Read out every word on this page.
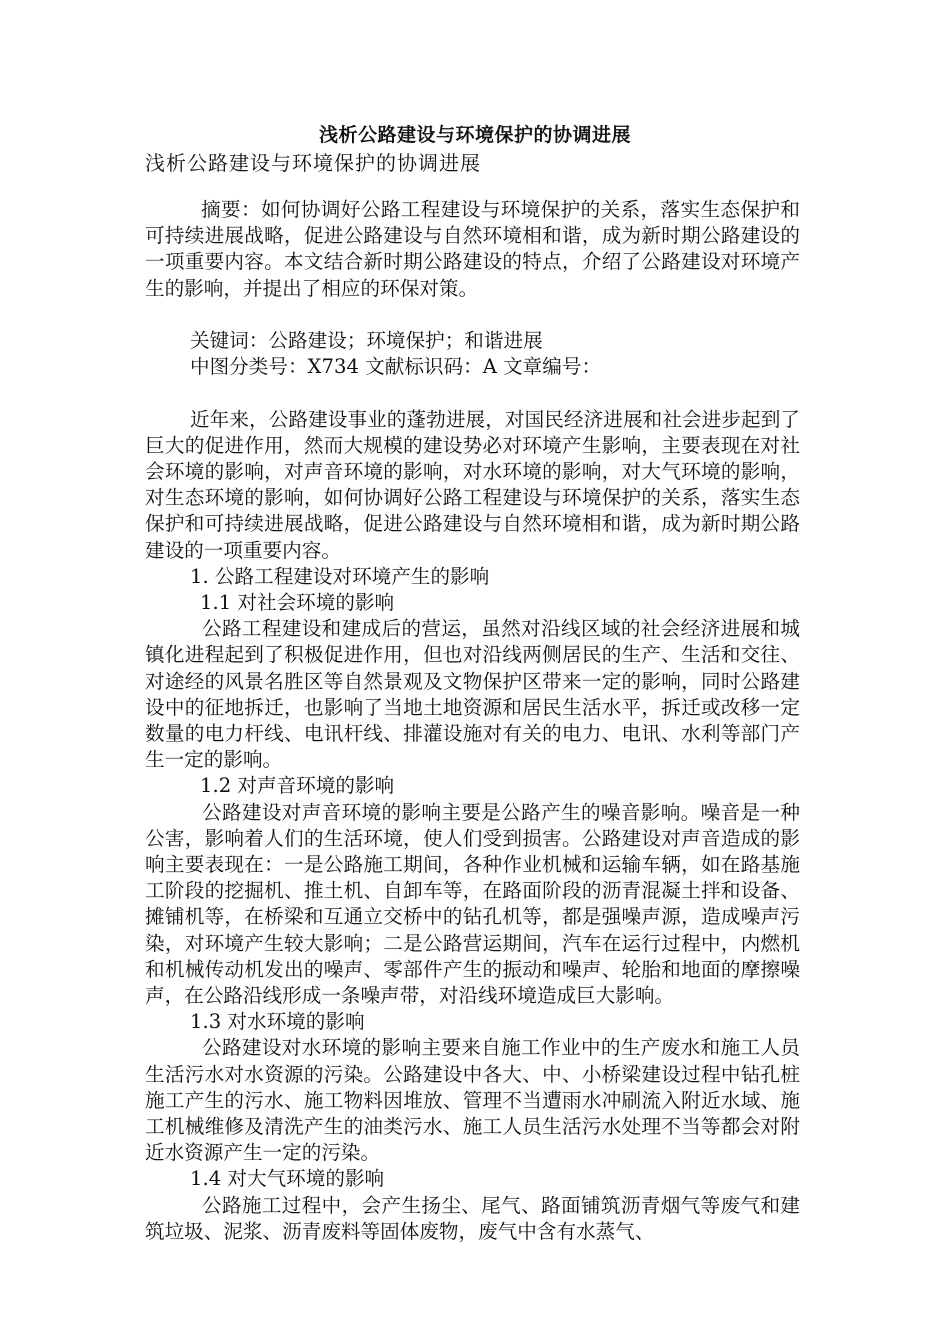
浅析公路建设与环境保护的协调进展
浅析公路建设与环境保护的协调进展

摘要：如何协调好公路工程建设与环境保护的关系，落实生态保护和可持续进展战略，促进公路建设与自然环境相和谐，成为新时期公路建设的一项重要内容。本文结合新时期公路建设的特点，介绍了公路建设对环境产生的影响，并提出了相应的环保对策。

关键词：公路建设；环境保护；和谐进展

中图分类号：X734 文献标识码：A 文章编号：

近年来，公路建设事业的蓬勃进展，对国民经济进展和社会进步起到了巨大的促进作用，然而大规模的建设势必对环境产生影响，主要表现在对社会环境的影响，对声音环境的影响，对水环境的影响，对大气环境的影响，对生态环境的影响，如何协调好公路工程建设与环境保护的关系，落实生态保护和可持续进展战略，促进公路建设与自然环境相和谐，成为新时期公路建设的一项重要内容。

1. 公路工程建设对环境产生的影响

1.1 对社会环境的影响

公路工程建设和建成后的营运，虽然对沿线区域的社会经济进展和城镇化进程起到了积极促进作用，但也对沿线两侧居民的生产、生活和交往、对途经的风景名胜区等自然景观及文物保护区带来一定的影响，同时公路建设中的征地拆迁，也影响了当地土地资源和居民生活水平，拆迁或改移一定数量的电力杆线、电讯杆线、排灌设施对有关的电力、电讯、水利等部门产生一定的影响。

1.2 对声音环境的影响

公路建设对声音环境的影响主要是公路产生的噪音影响。噪音是一种公害，影响着人们的生活环境，使人们受到损害。公路建设对声音造成的影响主要表现在：一是公路施工期间，各种作业机械和运输车辆，如在路基施工阶段的挖掘机、推土机、自卸车等，在路面阶段的沥青混凝土拌和设备、摊铺机等，在桥梁和互通立交桥中的钻孔机等，都是强噪声源，造成噪声污染，对环境产生较大影响；二是公路营运期间，汽车在运行过程中，内燃机和机械传动机发出的噪声、零部件产生的振动和噪声、轮胎和地面的摩擦噪声，在公路沿线形成一条噪声带，对沿线环境造成巨大影响。

1.3 对水环境的影响

公路建设对水环境的影响主要来自施工作业中的生产废水和施工人员生活污水对水资源的污染。公路建设中各大、中、小桥梁建设过程中钻孔桩施工产生的污水、施工物料因堆放、管理不当遭雨水冲刷流入附近水域、施工机械维修及清洗产生的油类污水、施工人员生活污水处理不当等都会对附近水资源产生一定的污染。

1.4 对大气环境的影响

公路施工过程中，会产生扬尘、尾气、路面铺筑沥青烟气等废气和建筑垃圾、泥浆、沥青废料等固体废物，废气中含有水蒸气、
